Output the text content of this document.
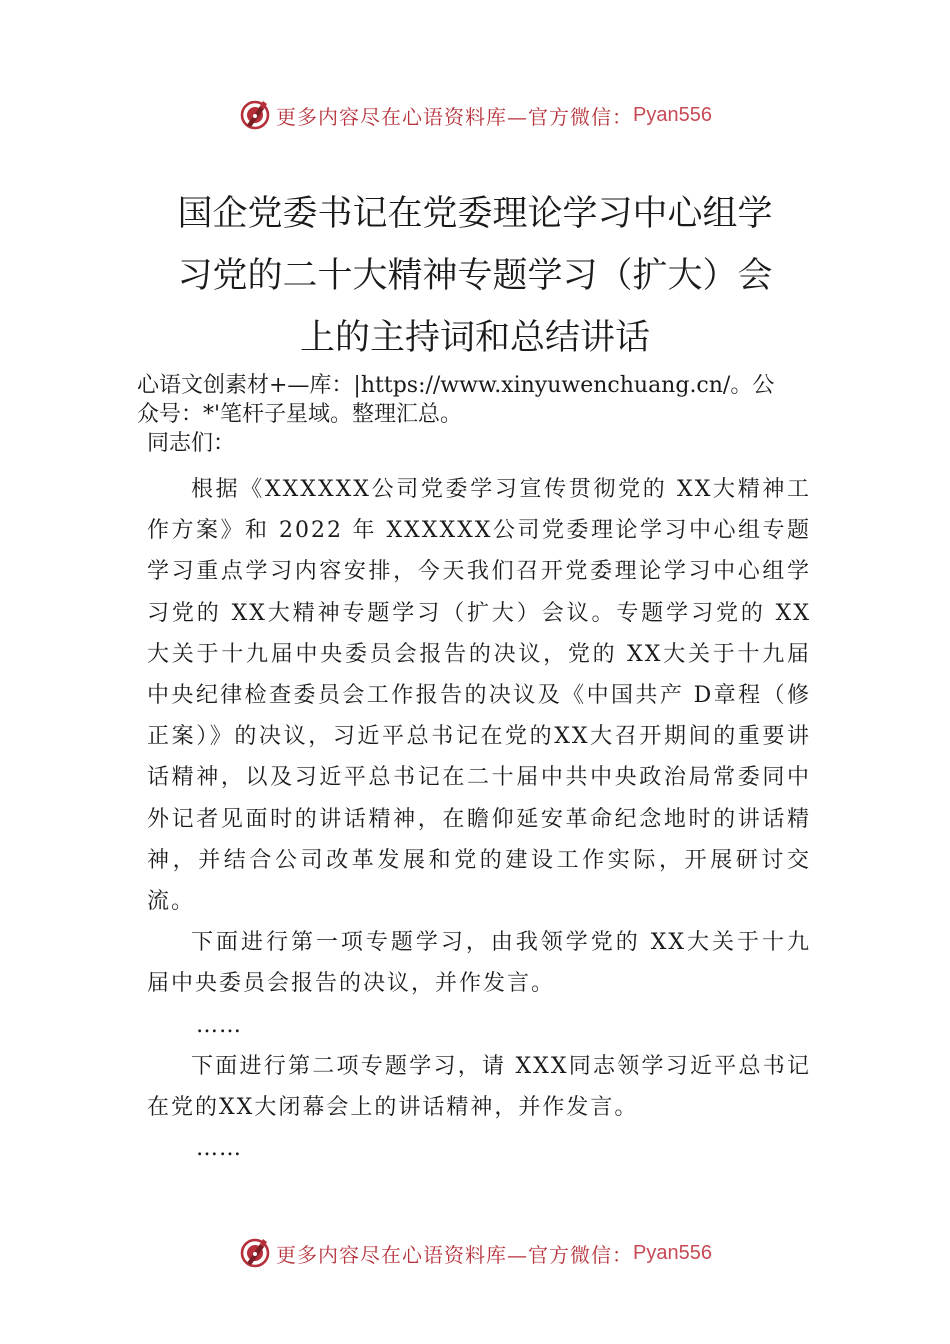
更多内容尽在心语资料库—官方微信： Pyan556
国企党委书记在党委理论学习中心组学
习党的二十大精神专题学习（扩大）会
上的主持词和总结讲话
心语文创素材+—库：|https://www.xinyuwenchuang.cn/。公
众号：*'笔杆子星域。整理汇总。
同志们：

根据《XXXXXX公司党委学习宣传贯彻党的 XX大精神工作方案》和 2022 年 XXXXXX公司党委理论学习中心组专题学习重点学习内容安排，今天我们召开党委理论学习中心组学习党的 XX大精神专题学习（扩大）会议。专题学习党的 XX大关于十九届中央委员会报告的决议，党的 XX大关于十九届中央纪律检查委员会工作报告的决议及《中国共产 D章程（修正案）》的决议，习近平总书记在党的XX大召开期间的重要讲话精神，以及习近平总书记在二十届中共中央政治局常委同中外记者见面时的讲话精神，在瞻仰延安革命纪念地时的讲话精神，并结合公司改革发展和党的建设工作实际，开展研讨交流。

下面进行第一项专题学习，由我领学党的 XX大关于十九届中央委员会报告的决议，并作发言。

……

下面进行第二项专题学习，请 XXX同志领学习近平总书记在党的XX大闭幕会上的讲话精神，并作发言。

……

更多内容尽在心语资料库—官方微信： Pyan556
